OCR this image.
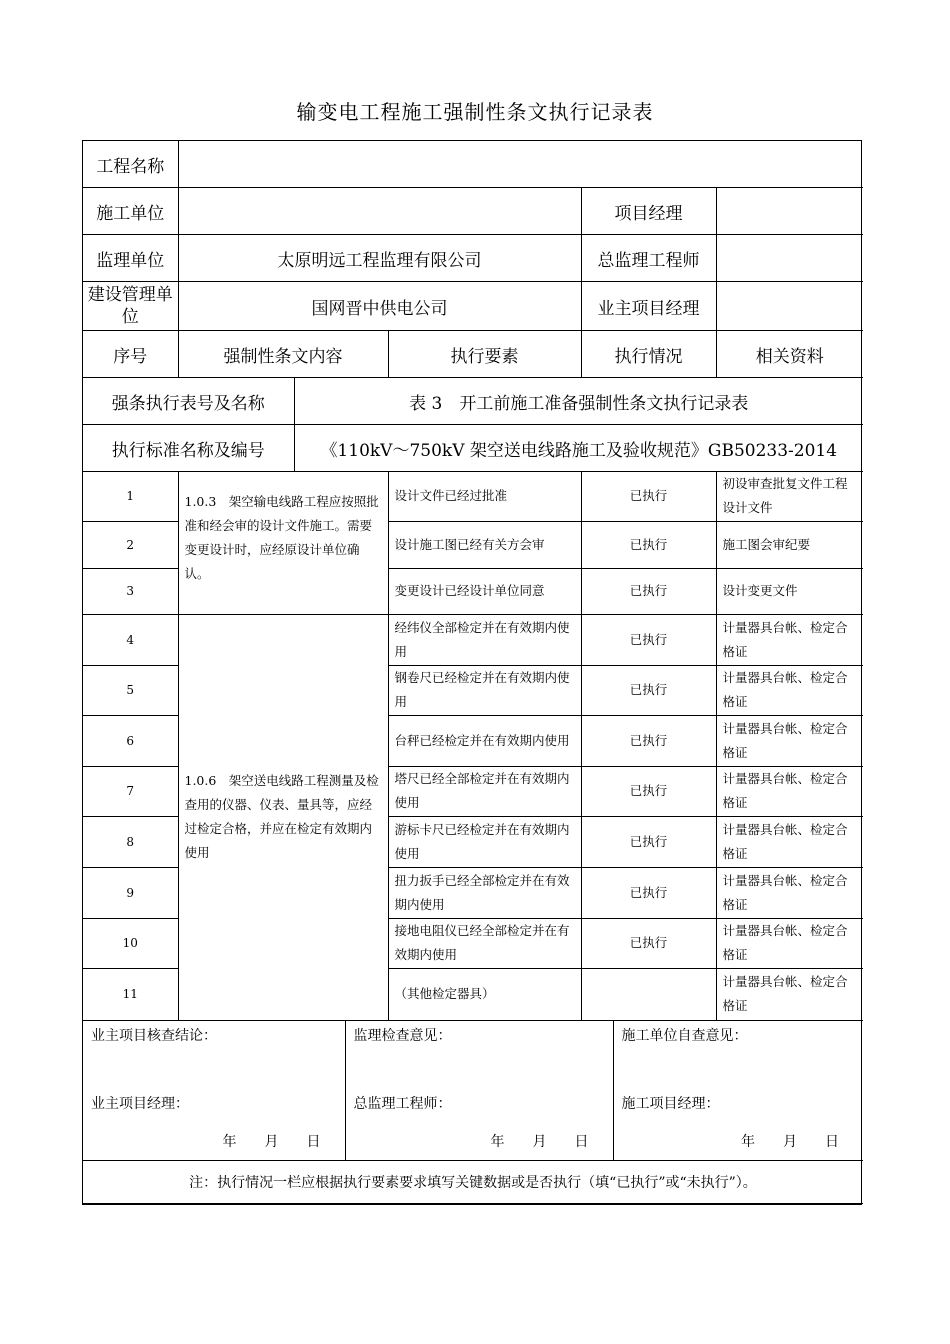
输变电工程施工强制性条文执行记录表
工程名称				
施工单位			项目经理	
监理单位	太原明远工程监理有限公司		总监理工程师	
建设管理单位	国网晋中供电公司		业主项目经理	
序号	强制性条文内容	执行要素	执行情况	相关资料
强条执行表号及名称	表 3　开工前施工准备强制性条文执行记录表
执行标准名称及编号	《110kV～750kV 架空送电线路施工及验收规范》GB50233-2014
1	1.0.3　架空输电线路工程应按照批准和经会审的设计文件施工。需要变更设计时，应经原设计单位确认。	设计文件已经过批准	已执行	初设审查批复文件工程设计文件
2		设计施工图已经有关方会审	已执行	施工图会审纪要
3		变更设计已经设计单位同意	已执行	设计变更文件
4	1.0.6　架空送电线路工程测量及检查用的仪器、仪表、量具等，应经过检定合格，并应在检定有效期内使用	经纬仪全部检定并在有效期内使用	已执行	计量器具台帐、检定合格证
5		钢卷尺已经检定并在有效期内使用	已执行	计量器具台帐、检定合格证
6		台秤已经检定并在有效期内使用	已执行	计量器具台帐、检定合格证
7		塔尺已经全部检定并在有效期内使用	已执行	计量器具台帐、检定合格证
8		游标卡尺已经检定并在有效期内使用	已执行	计量器具台帐、检定合格证
9		扭力扳手已经全部检定并在有效期内使用	已执行	计量器具台帐、检定合格证
10		接地电阻仪已经全部检定并在有效期内使用	已执行	计量器具台帐、检定合格证
11		（其他检定器具）		计量器具台帐、检定合格证
业主项目核查结论：
业主项目经理：
年　　月　　日

监理检查意见：
总监理工程师：
年　　月　　日

施工单位自查意见：
施工项目经理：
年　　月　　日

注：执行情况一栏应根据执行要素要求填写关键数据或是否执行（填“已执行”或“未执行”）。
